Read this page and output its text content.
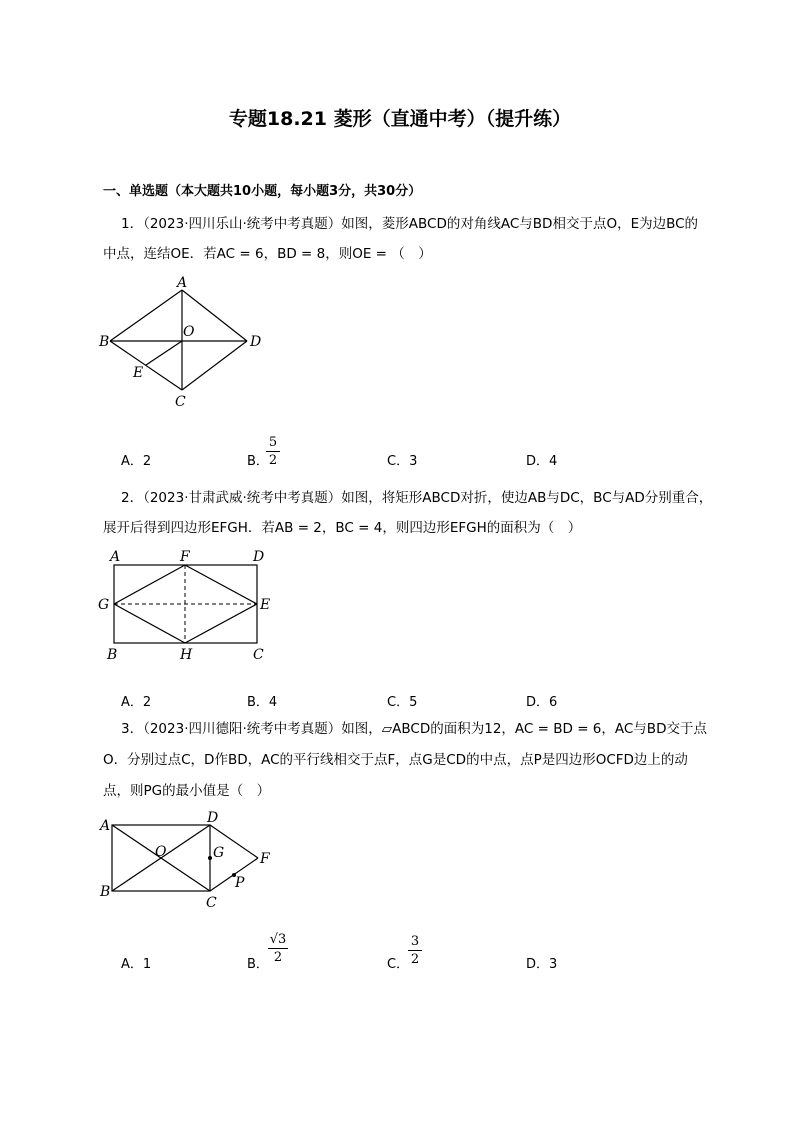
专题18.21 菱形（直通中考）（提升练）
一、单选题（本大题共10小题，每小题3分，共30分）
1．（2023·四川乐山·统考中考真题）如图，菱形ABCD的对角线AC与BD相交于点O，E为边BC的
中点，连结OE．若AC = 6，BD = 8，则OE = （　）
A
B
C
D
O
E
A．2	B．
5
2	C．3	D．4
2．（2023·甘肃武威·统考中考真题）如图，将矩形ABCD对折，使边AB与DC，BC与AD分别重合，
展开后得到四边形EFGH．若AB = 2，BC = 4，则四边形EFGH的面积为（　）
A	F	D
G	E
B	H	C
A．2	B．4	C．5	D．6
3．（2023·四川德阳·统考中考真题）如图，▱ABCD的面积为12，AC = BD = 6，AC与BD交于点
O．分别过点C，D作BD，AC的平行线相交于点F，点G是CD的中点，点P是四边形OCFD边上的动
点，则PG的最小值是（　）
A
B
C
D
O	G	F
P
A．1	B．
√3
2	C．
3
2	D．3
